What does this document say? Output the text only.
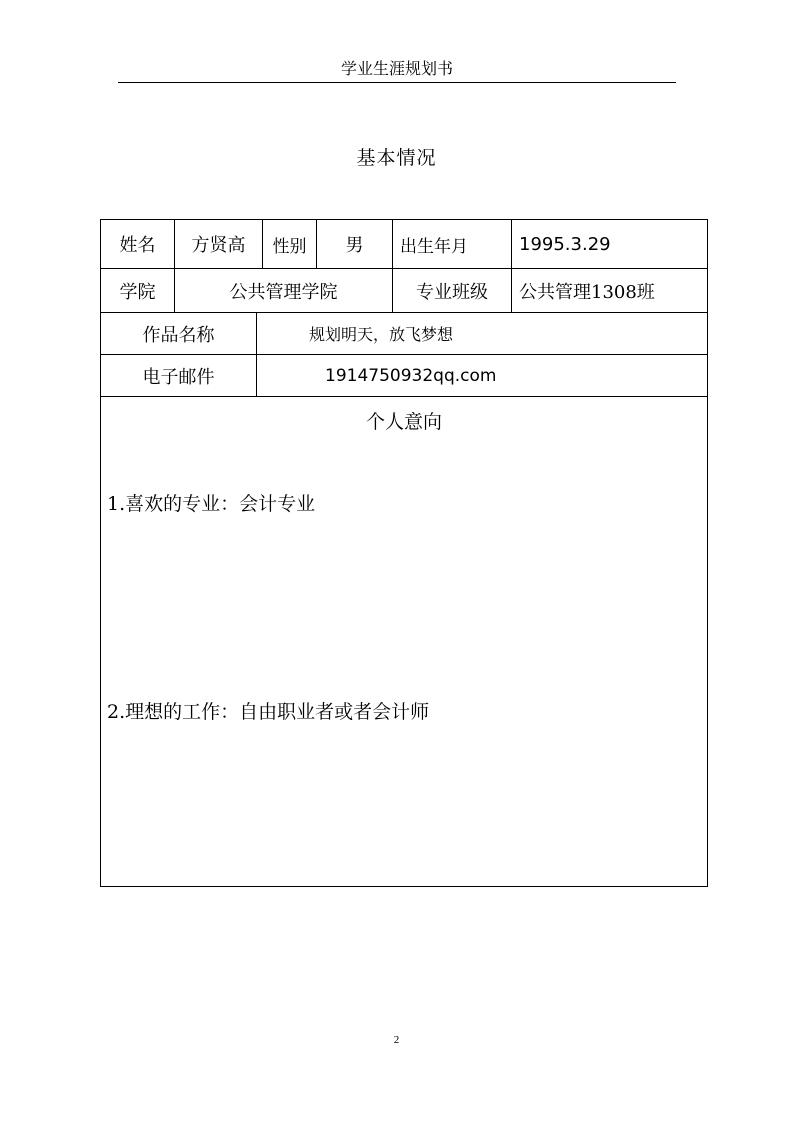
学业生涯规划书
基本情况
姓名	方贤高	性别	男	出生年月	1995.3.29
学院	公共管理学院	专业班级	公共管理1308班
作品名称	规划明天，放飞梦想
电子邮件	1914750932qq.com
个人意向
1.喜欢的专业：会计专业
2.理想的工作：自由职业者或者会计师
2
